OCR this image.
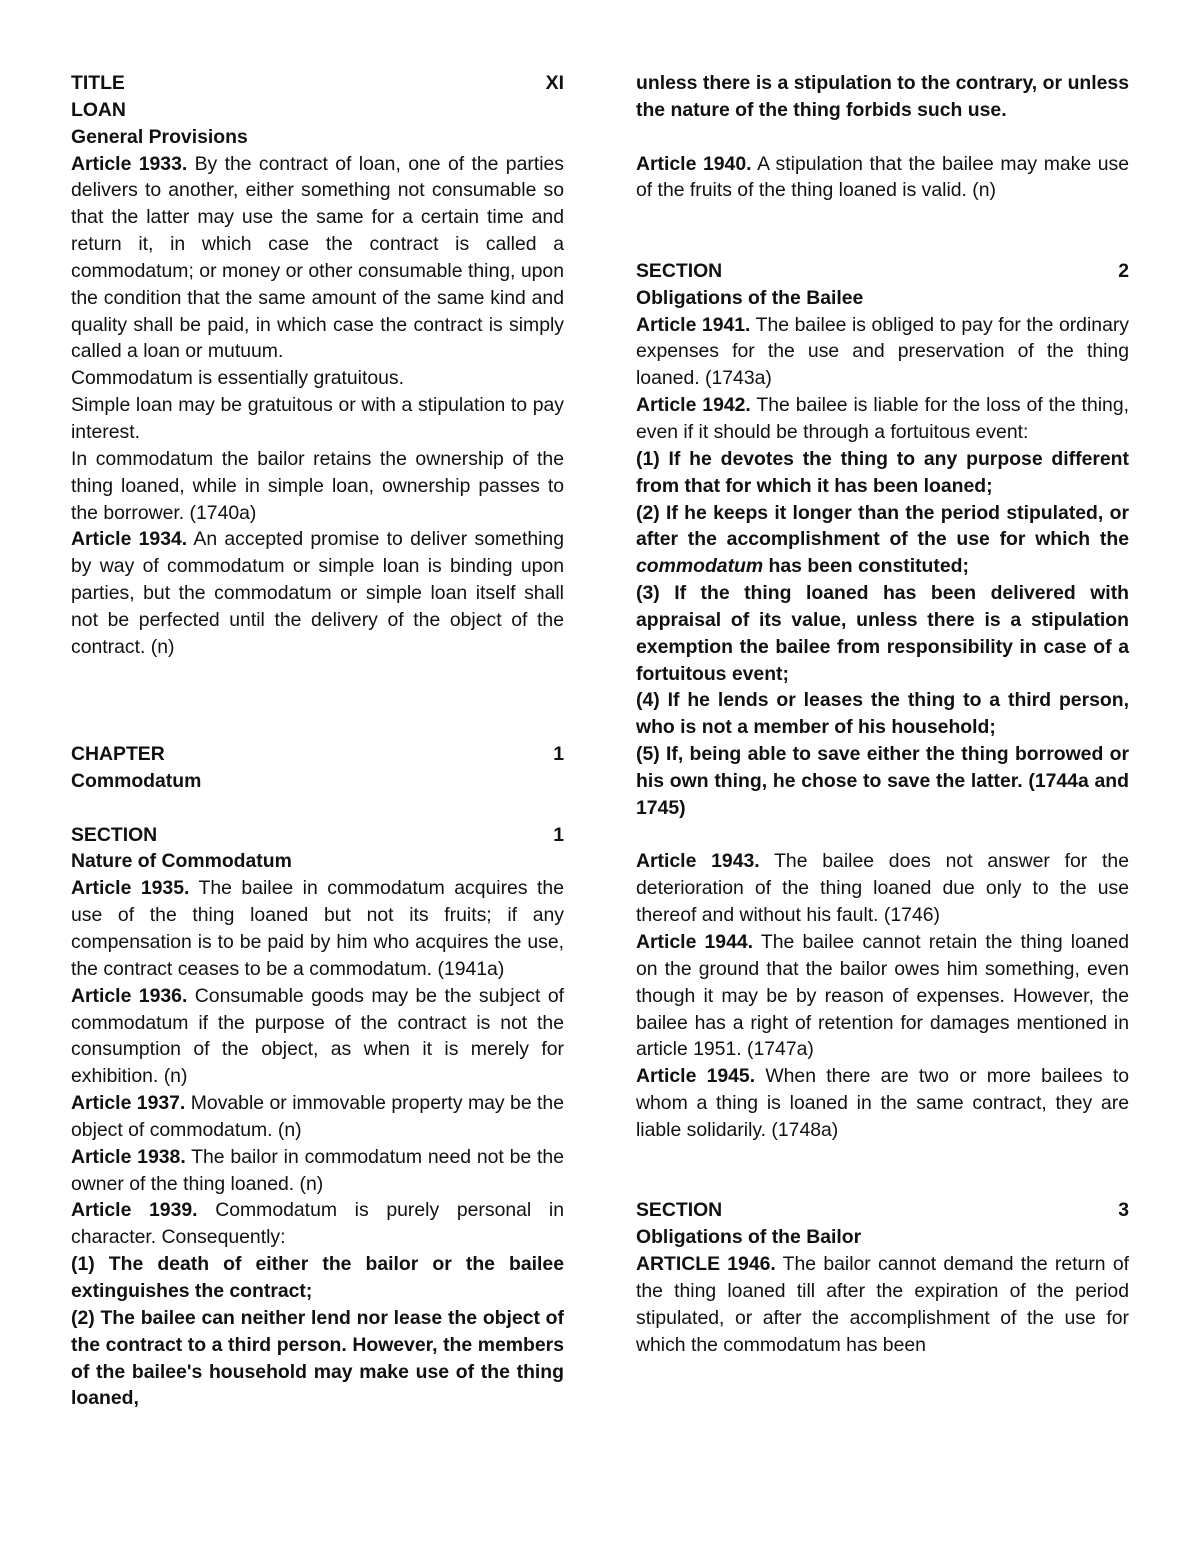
TITLE	XI
LOAN
General Provisions

Article 1933. By the contract of loan, one of the parties delivers to another, either something not consumable so that the latter may use the same for a certain time and return it, in which case the contract is called a commodatum; or money or other consumable thing, upon the condition that the same amount of the same kind and quality shall be paid, in which case the contract is simply called a loan or mutuum.

Commodatum is essentially gratuitous.

Simple loan may be gratuitous or with a stipulation to pay interest.

In commodatum the bailor retains the ownership of the thing loaned, while in simple loan, ownership passes to the borrower. (1740a)

Article 1934. An accepted promise to deliver something by way of commodatum or simple loan is binding upon parties, but the commodatum or simple loan itself shall not be perfected until the delivery of the object of the contract. (n)

CHAPTER	1
Commodatum
SECTION	1
Nature of Commodatum

Article 1935. The bailee in commodatum acquires the use of the thing loaned but not its fruits; if any compensation is to be paid by him who acquires the use, the contract ceases to be a commodatum. (1941a)

Article 1936. Consumable goods may be the subject of commodatum if the purpose of the contract is not the consumption of the object, as when it is merely for exhibition. (n)

Article 1937. Movable or immovable property may be the object of commodatum. (n)

Article 1938. The bailor in commodatum need not be the owner of the thing loaned. (n)

Article 1939. Commodatum is purely personal in character. Consequently:

(1) The death of either the bailor or the bailee extinguishes the contract;

(2) The bailee can neither lend nor lease the object of the contract to a third person. However, the members of the bailee's household may make use of the thing loaned,

unless there is a stipulation to the contrary, or unless the nature of the thing forbids such use.

Article 1940. A stipulation that the bailee may make use of the fruits of the thing loaned is valid. (n)

SECTION	2
Obligations of the Bailee

Article 1941. The bailee is obliged to pay for the ordinary expenses for the use and preservation of the thing loaned. (1743a)

Article 1942. The bailee is liable for the loss of the thing, even if it should be through a fortuitous event:

(1) If he devotes the thing to any purpose different from that for which it has been loaned;

(2) If he keeps it longer than the period stipulated, or after the accomplishment of the use for which the commodatum has been constituted;

(3) If the thing loaned has been delivered with appraisal of its value, unless there is a stipulation exemption the bailee from responsibility in case of a fortuitous event;

(4) If he lends or leases the thing to a third person, who is not a member of his household;

(5) If, being able to save either the thing borrowed or his own thing, he chose to save the latter. (1744a and 1745)

Article 1943. The bailee does not answer for the deterioration of the thing loaned due only to the use thereof and without his fault. (1746)

Article 1944. The bailee cannot retain the thing loaned on the ground that the bailor owes him something, even though it may be by reason of expenses. However, the bailee has a right of retention for damages mentioned in article 1951. (1747a)

Article 1945. When there are two or more bailees to whom a thing is loaned in the same contract, they are liable solidarily. (1748a)

SECTION	3
Obligations of the Bailor

ARTICLE 1946. The bailor cannot demand the return of the thing loaned till after the expiration of the period stipulated, or after the accomplishment of the use for which the commodatum has been
